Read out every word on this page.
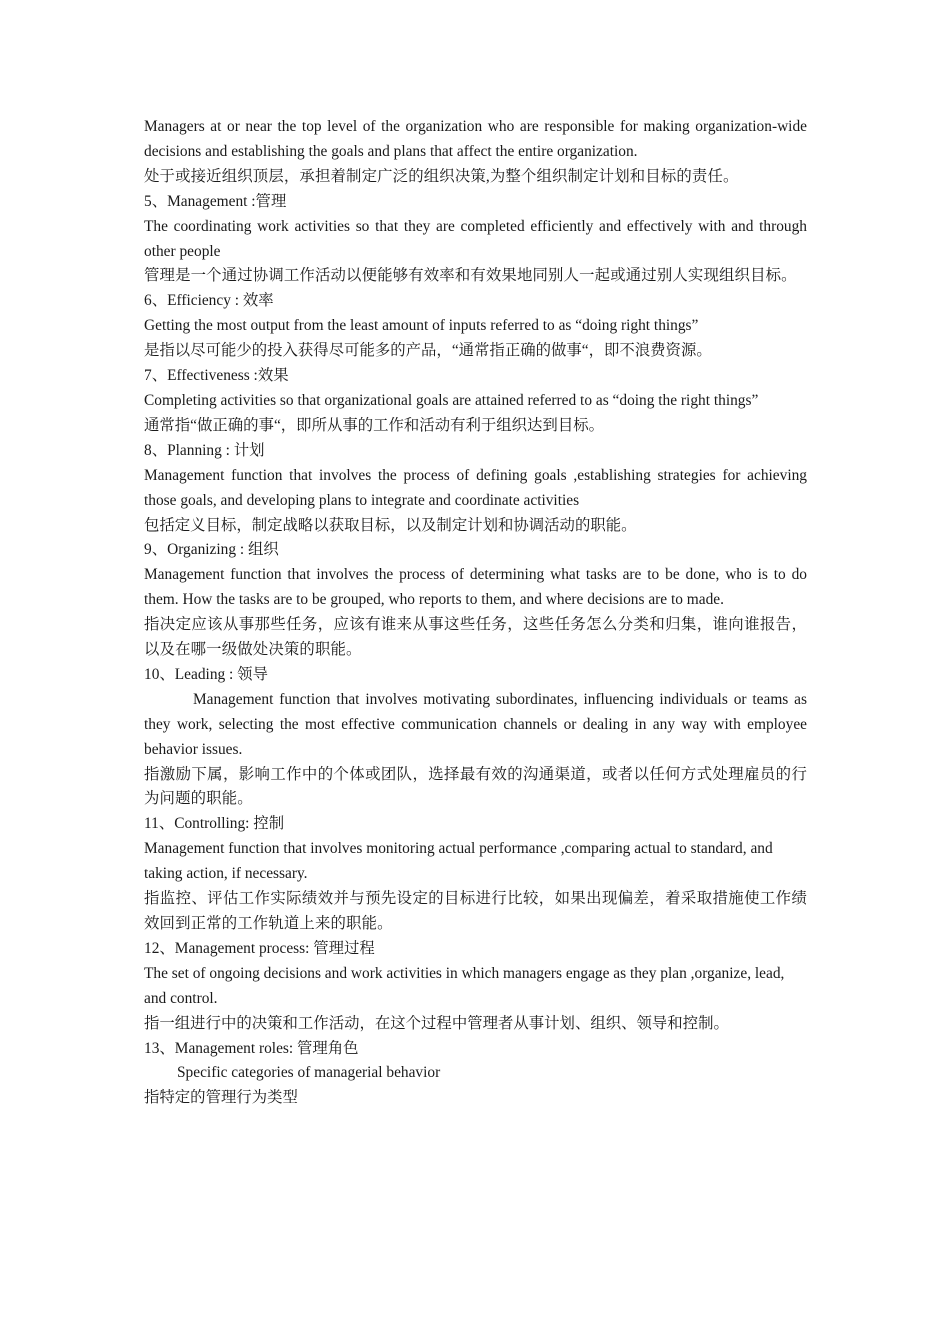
Managers at or near the top level of the organization who are responsible for making organization-wide decisions and establishing the goals and plans that affect the entire organization.

处于或接近组织顶层，承担着制定广泛的组织决策,为整个组织制定计划和目标的责任。

5、Management :管理

The coordinating work activities so that they are completed efficiently and effectively with and through other people

管理是一个通过协调工作活动以便能够有效率和有效果地同别人一起或通过别人实现组织目标。

6、Efficiency : 效率

Getting the most output from the least amount of inputs referred to as “doing right things”

是指以尽可能少的投入获得尽可能多的产品，“通常指正确的做事“，即不浪费资源。

7、Effectiveness :效果

Completing activities so that organizational goals are attained referred to as “doing the right things”

通常指“做正确的事“，即所从事的工作和活动有利于组织达到目标。

8、Planning : 计划

Management function that involves the process of defining goals ,establishing strategies for achieving those goals, and developing plans to integrate and coordinate activities

包括定义目标，制定战略以获取目标，以及制定计划和协调活动的职能。

9、Organizing : 组织

Management function that involves the process of determining what tasks are to be done, who is to do them. How the tasks are to be grouped, who reports to them, and where decisions are to made.

指决定应该从事那些任务，应该有谁来从事这些任务，这些任务怎么分类和归集，谁向谁报告，以及在哪一级做处决策的职能。

10、Leading : 领导

Management function that involves motivating subordinates, influencing individuals or teams as they work, selecting the most effective communication channels or dealing in any way with employee behavior issues.

指激励下属，影响工作中的个体或团队，选择最有效的沟通渠道，或者以任何方式处理雇员的行为问题的职能。

11、Controlling: 控制

Management function that involves monitoring actual performance ,comparing actual to standard, and taking action, if necessary.

指监控、评估工作实际绩效并与预先设定的目标进行比较，如果出现偏差，着采取措施使工作绩效回到正常的工作轨道上来的职能。

12、Management process: 管理过程

The set of ongoing decisions and work activities in which managers engage as they plan ,organize, lead, and control.

指一组进行中的决策和工作活动，在这个过程中管理者从事计划、组织、领导和控制。

13、Management roles: 管理角色

Specific categories of managerial behavior

指特定的管理行为类型
